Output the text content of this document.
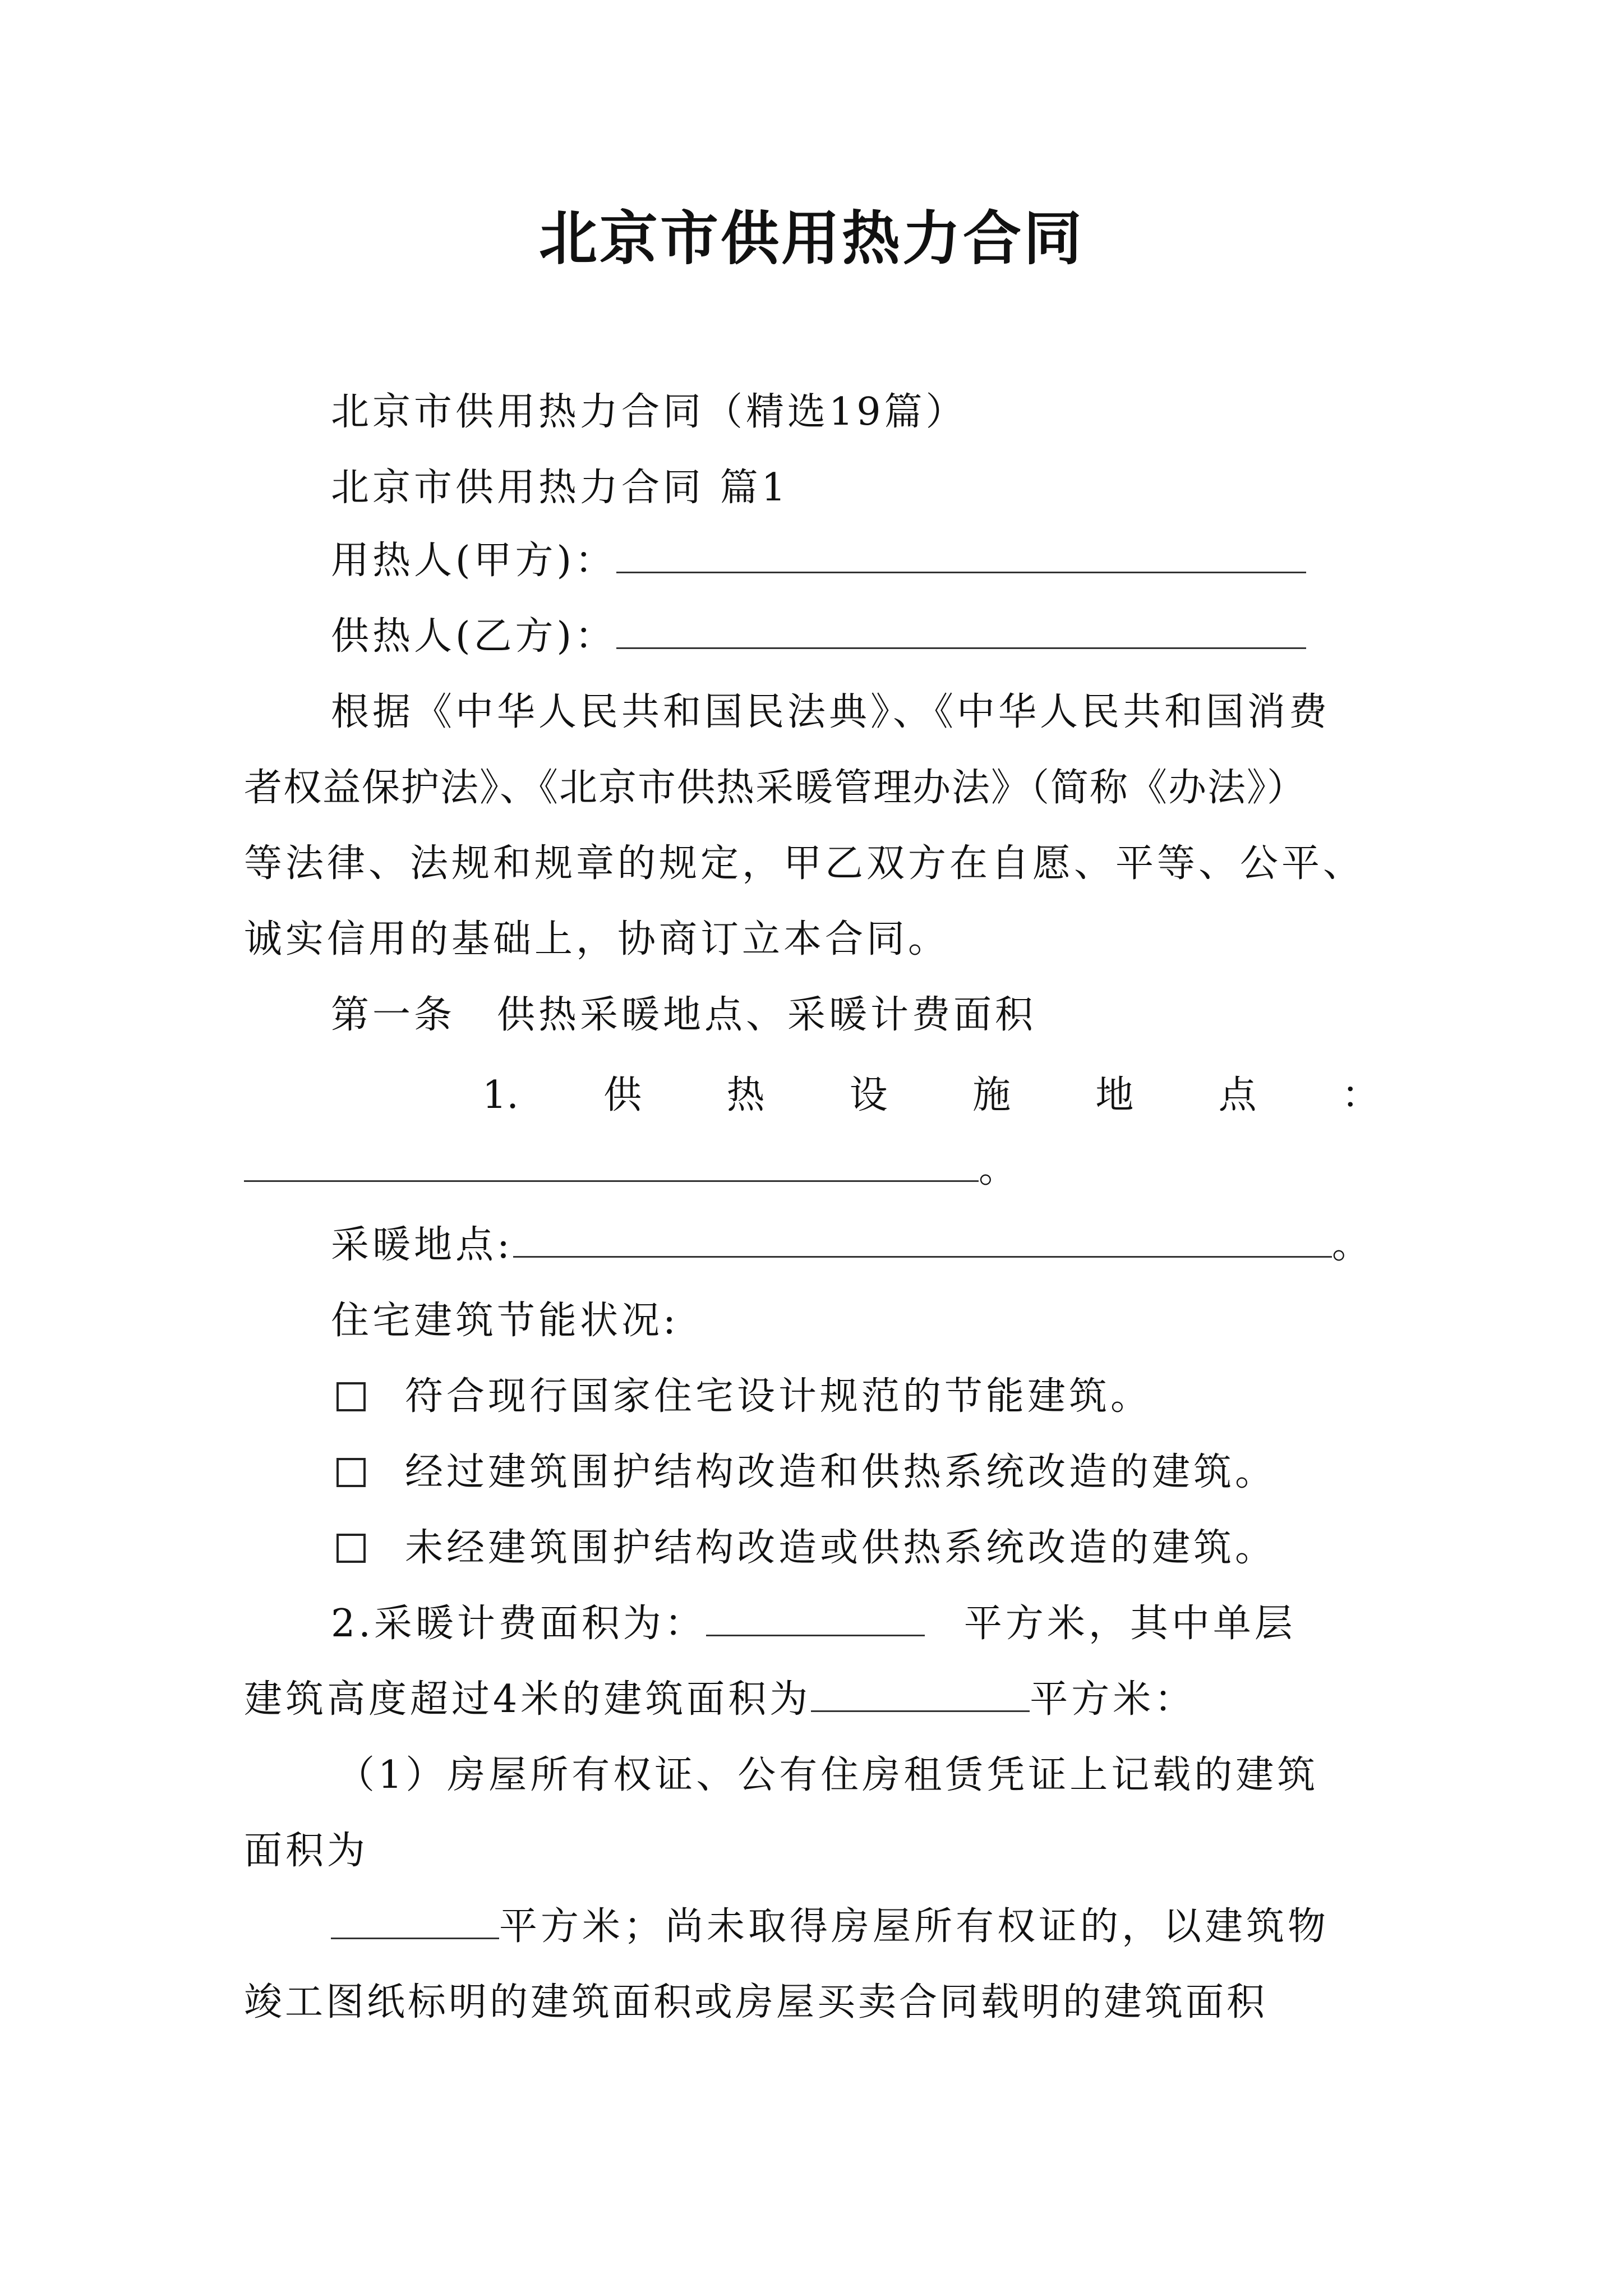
北京市供用热力合同
北京市供用热力合同（精选19篇）
北京市供用热力合同 篇1
用热人(甲方)：
供热人(乙方)：
根据《中华人民共和国民法典》、《中华人民共和国消费
者权益保护法》、《北京市供热采暖管理办法》（简称《办法》）
等法律、法规和规章的规定，甲乙双方在自愿、平等、公平、
诚实信用的基础上，协商订立本合同。
第一条　供热采暖地点、采暖计费面积
1. 供 热 设 施 地 点 ：
。
采暖地点:	。
住宅建筑节能状况:
符合现行国家住宅设计规范的节能建筑。
经过建筑围护结构改造和供热系统改造的建筑。
未经建筑围护结构改造或供热系统改造的建筑。
2.采暖计费面积为：	平方米，其中单层
建筑高度超过4米的建筑面积为	平方米：
（1）房屋所有权证、公有住房租赁凭证上记载的建筑
面积为
平方米；尚未取得房屋所有权证的，以建筑物
竣工图纸标明的建筑面积或房屋买卖合同载明的建筑面积
